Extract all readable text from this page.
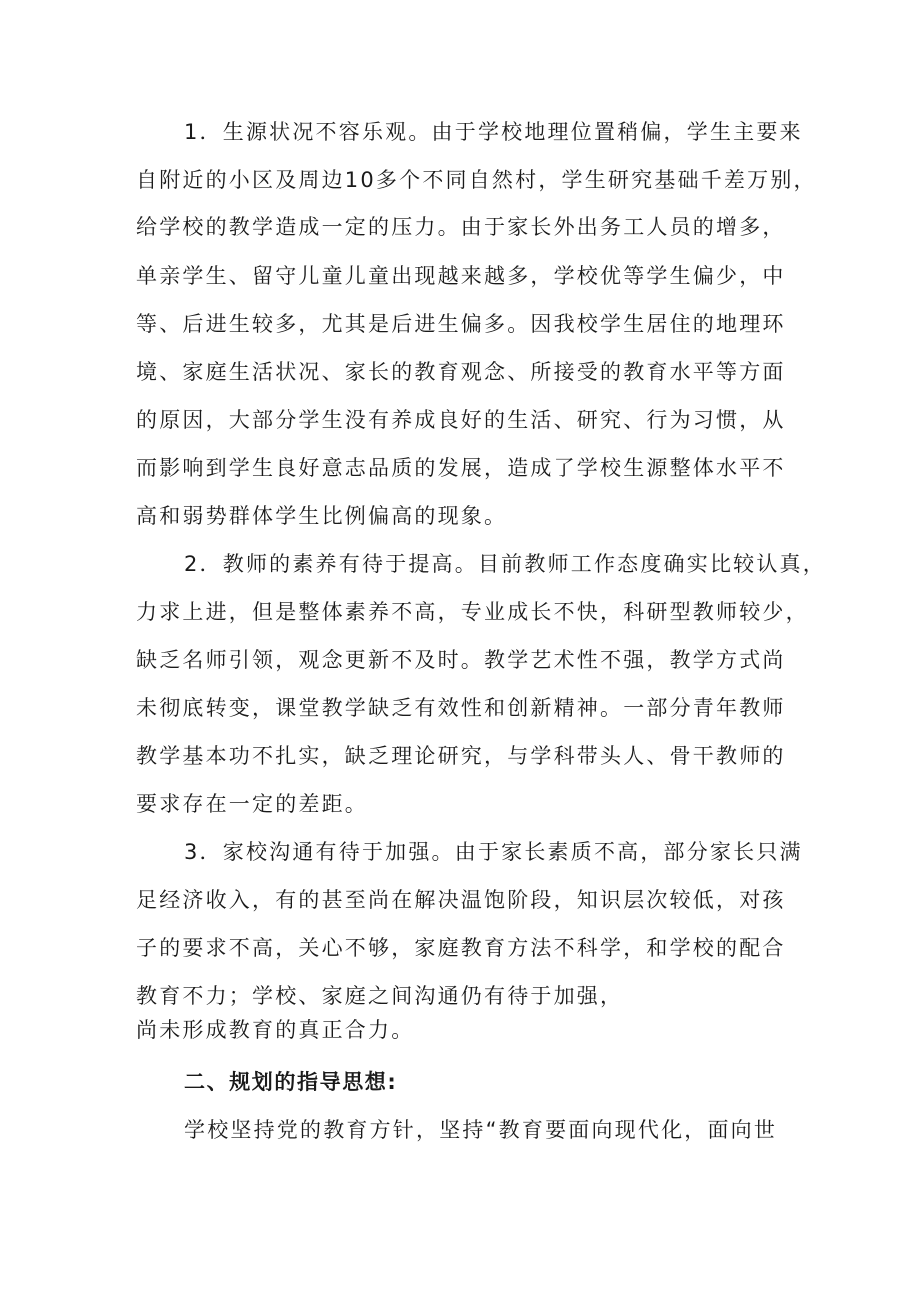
1．生源状况不容乐观。由于学校地理位置稍偏，学生主要来
自附近的小区及周边10多个不同自然村，学生研究基础千差万别，
给学校的教学造成一定的压力。由于家长外出务工人员的增多，
单亲学生、留守儿童儿童出现越来越多，学校优等学生偏少，中
等、后进生较多，尤其是后进生偏多。因我校学生居住的地理环
境、家庭生活状况、家长的教育观念、所接受的教育水平等方面
的原因，大部分学生没有养成良好的生活、研究、行为习惯，从
而影响到学生良好意志品质的发展，造成了学校生源整体水平不
高和弱势群体学生比例偏高的现象。
2．教师的素养有待于提高。目前教师工作态度确实比较认真，
力求上进，但是整体素养不高，专业成长不快，科研型教师较少，
缺乏名师引领，观念更新不及时。教学艺术性不强，教学方式尚
未彻底转变，课堂教学缺乏有效性和创新精神。一部分青年教师
教学基本功不扎实，缺乏理论研究，与学科带头人、骨干教师的
要求存在一定的差距。
3．家校沟通有待于加强。由于家长素质不高，部分家长只满
足经济收入，有的甚至尚在解决温饱阶段，知识层次较低，对孩
子的要求不高，关心不够，家庭教育方法不科学，和学校的配合
教育不力；学校、家庭之间沟通仍有待于加强，
尚未形成教育的真正合力。
二、规划的指导思想:
学校坚持党的教育方针，坚持“教育要面向现代化，面向世
